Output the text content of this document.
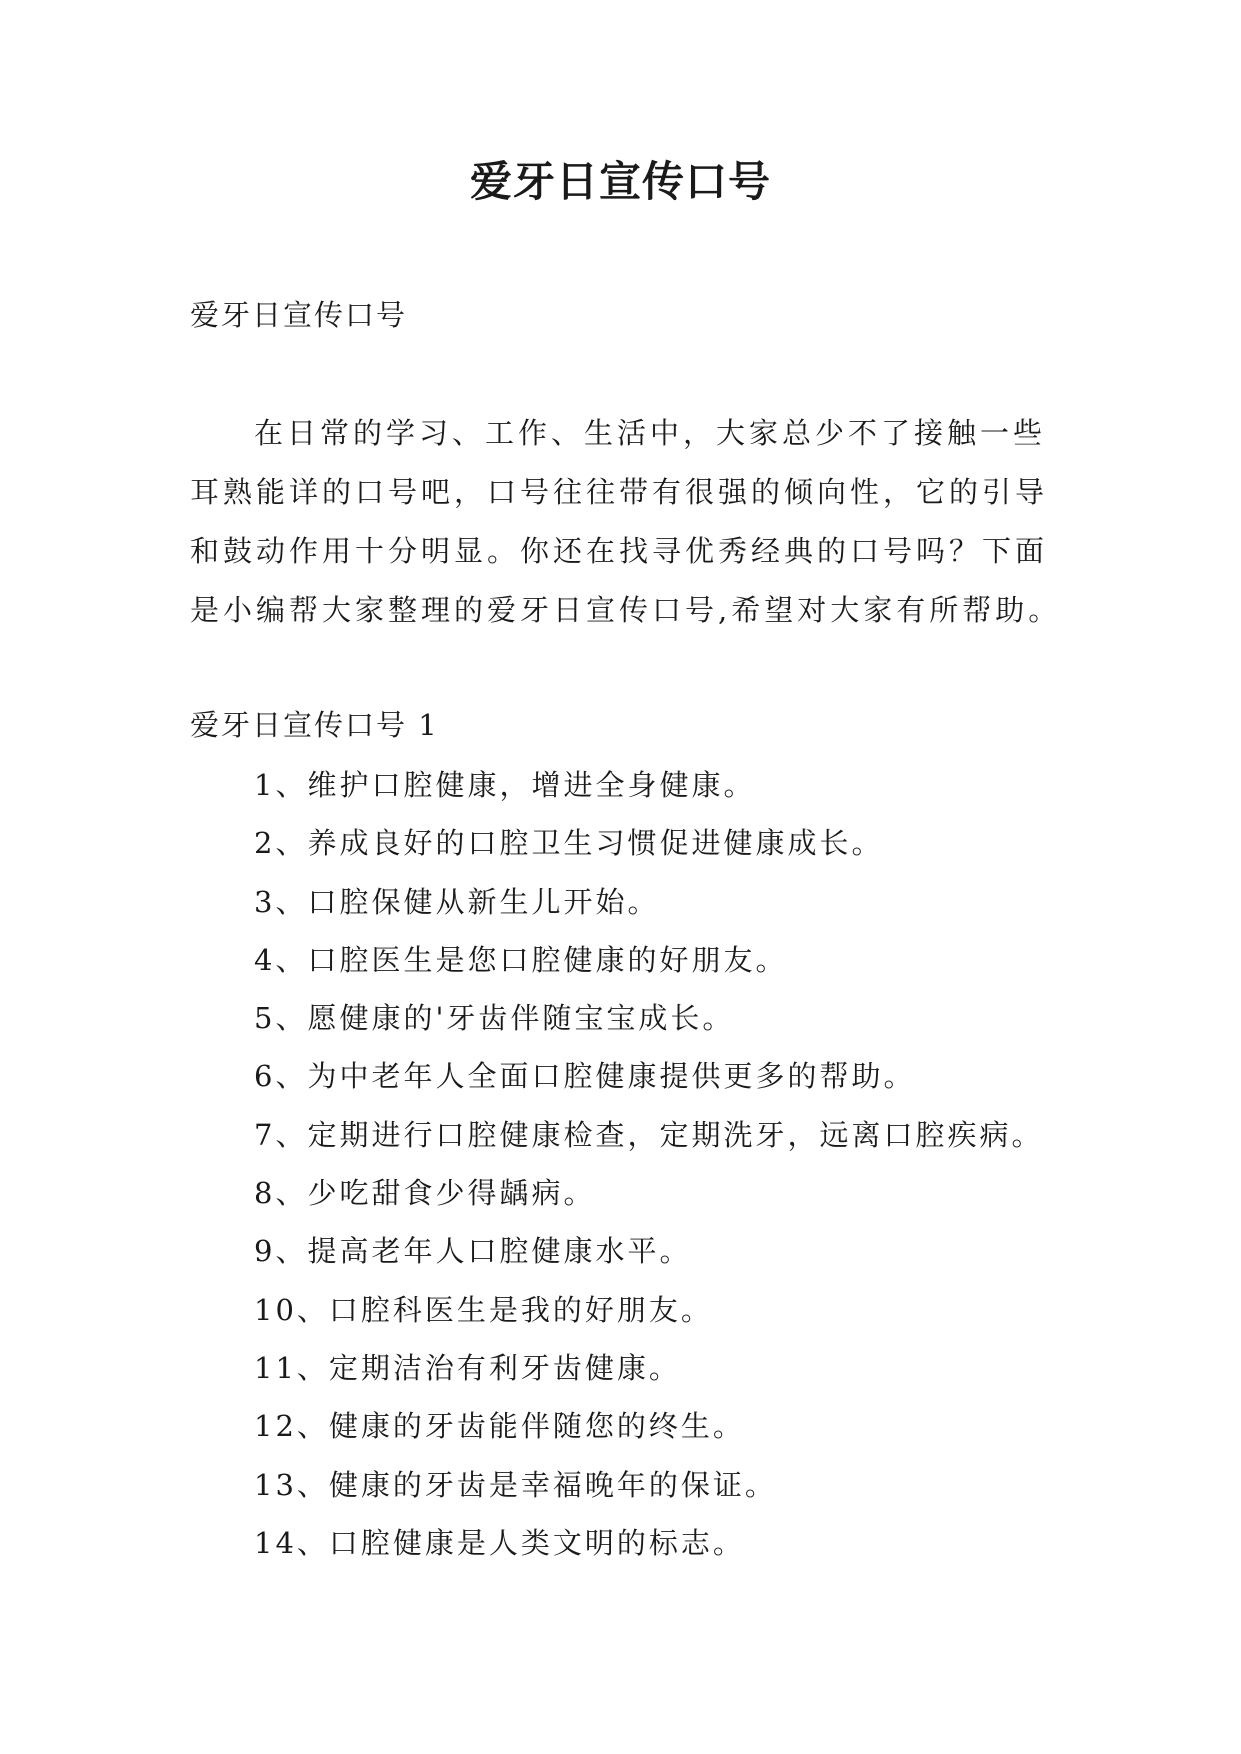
爱牙日宣传口号
爱牙日宣传口号

在日常的学习、工作、生活中，大家总少不了接触一些耳熟能详的口号吧，口号往往带有很强的倾向性，它的引导和鼓动作用十分明显。你还在找寻优秀经典的口号吗？下面是小编帮大家整理的爱牙日宣传口号,希望对大家有所帮助。

爱牙日宣传口号 1
1、维护口腔健康，增进全身健康。
2、养成良好的口腔卫生习惯促进健康成长。
3、口腔保健从新生儿开始。
4、口腔医生是您口腔健康的好朋友。
5、愿健康的'牙齿伴随宝宝成长。
6、为中老年人全面口腔健康提供更多的帮助。
7、定期进行口腔健康检查，定期洗牙，远离口腔疾病。
8、少吃甜食少得龋病。
9、提高老年人口腔健康水平。
10、口腔科医生是我的好朋友。
11、定期洁治有利牙齿健康。
12、健康的牙齿能伴随您的终生。
13、健康的牙齿是幸福晚年的保证。
14、口腔健康是人类文明的标志。
